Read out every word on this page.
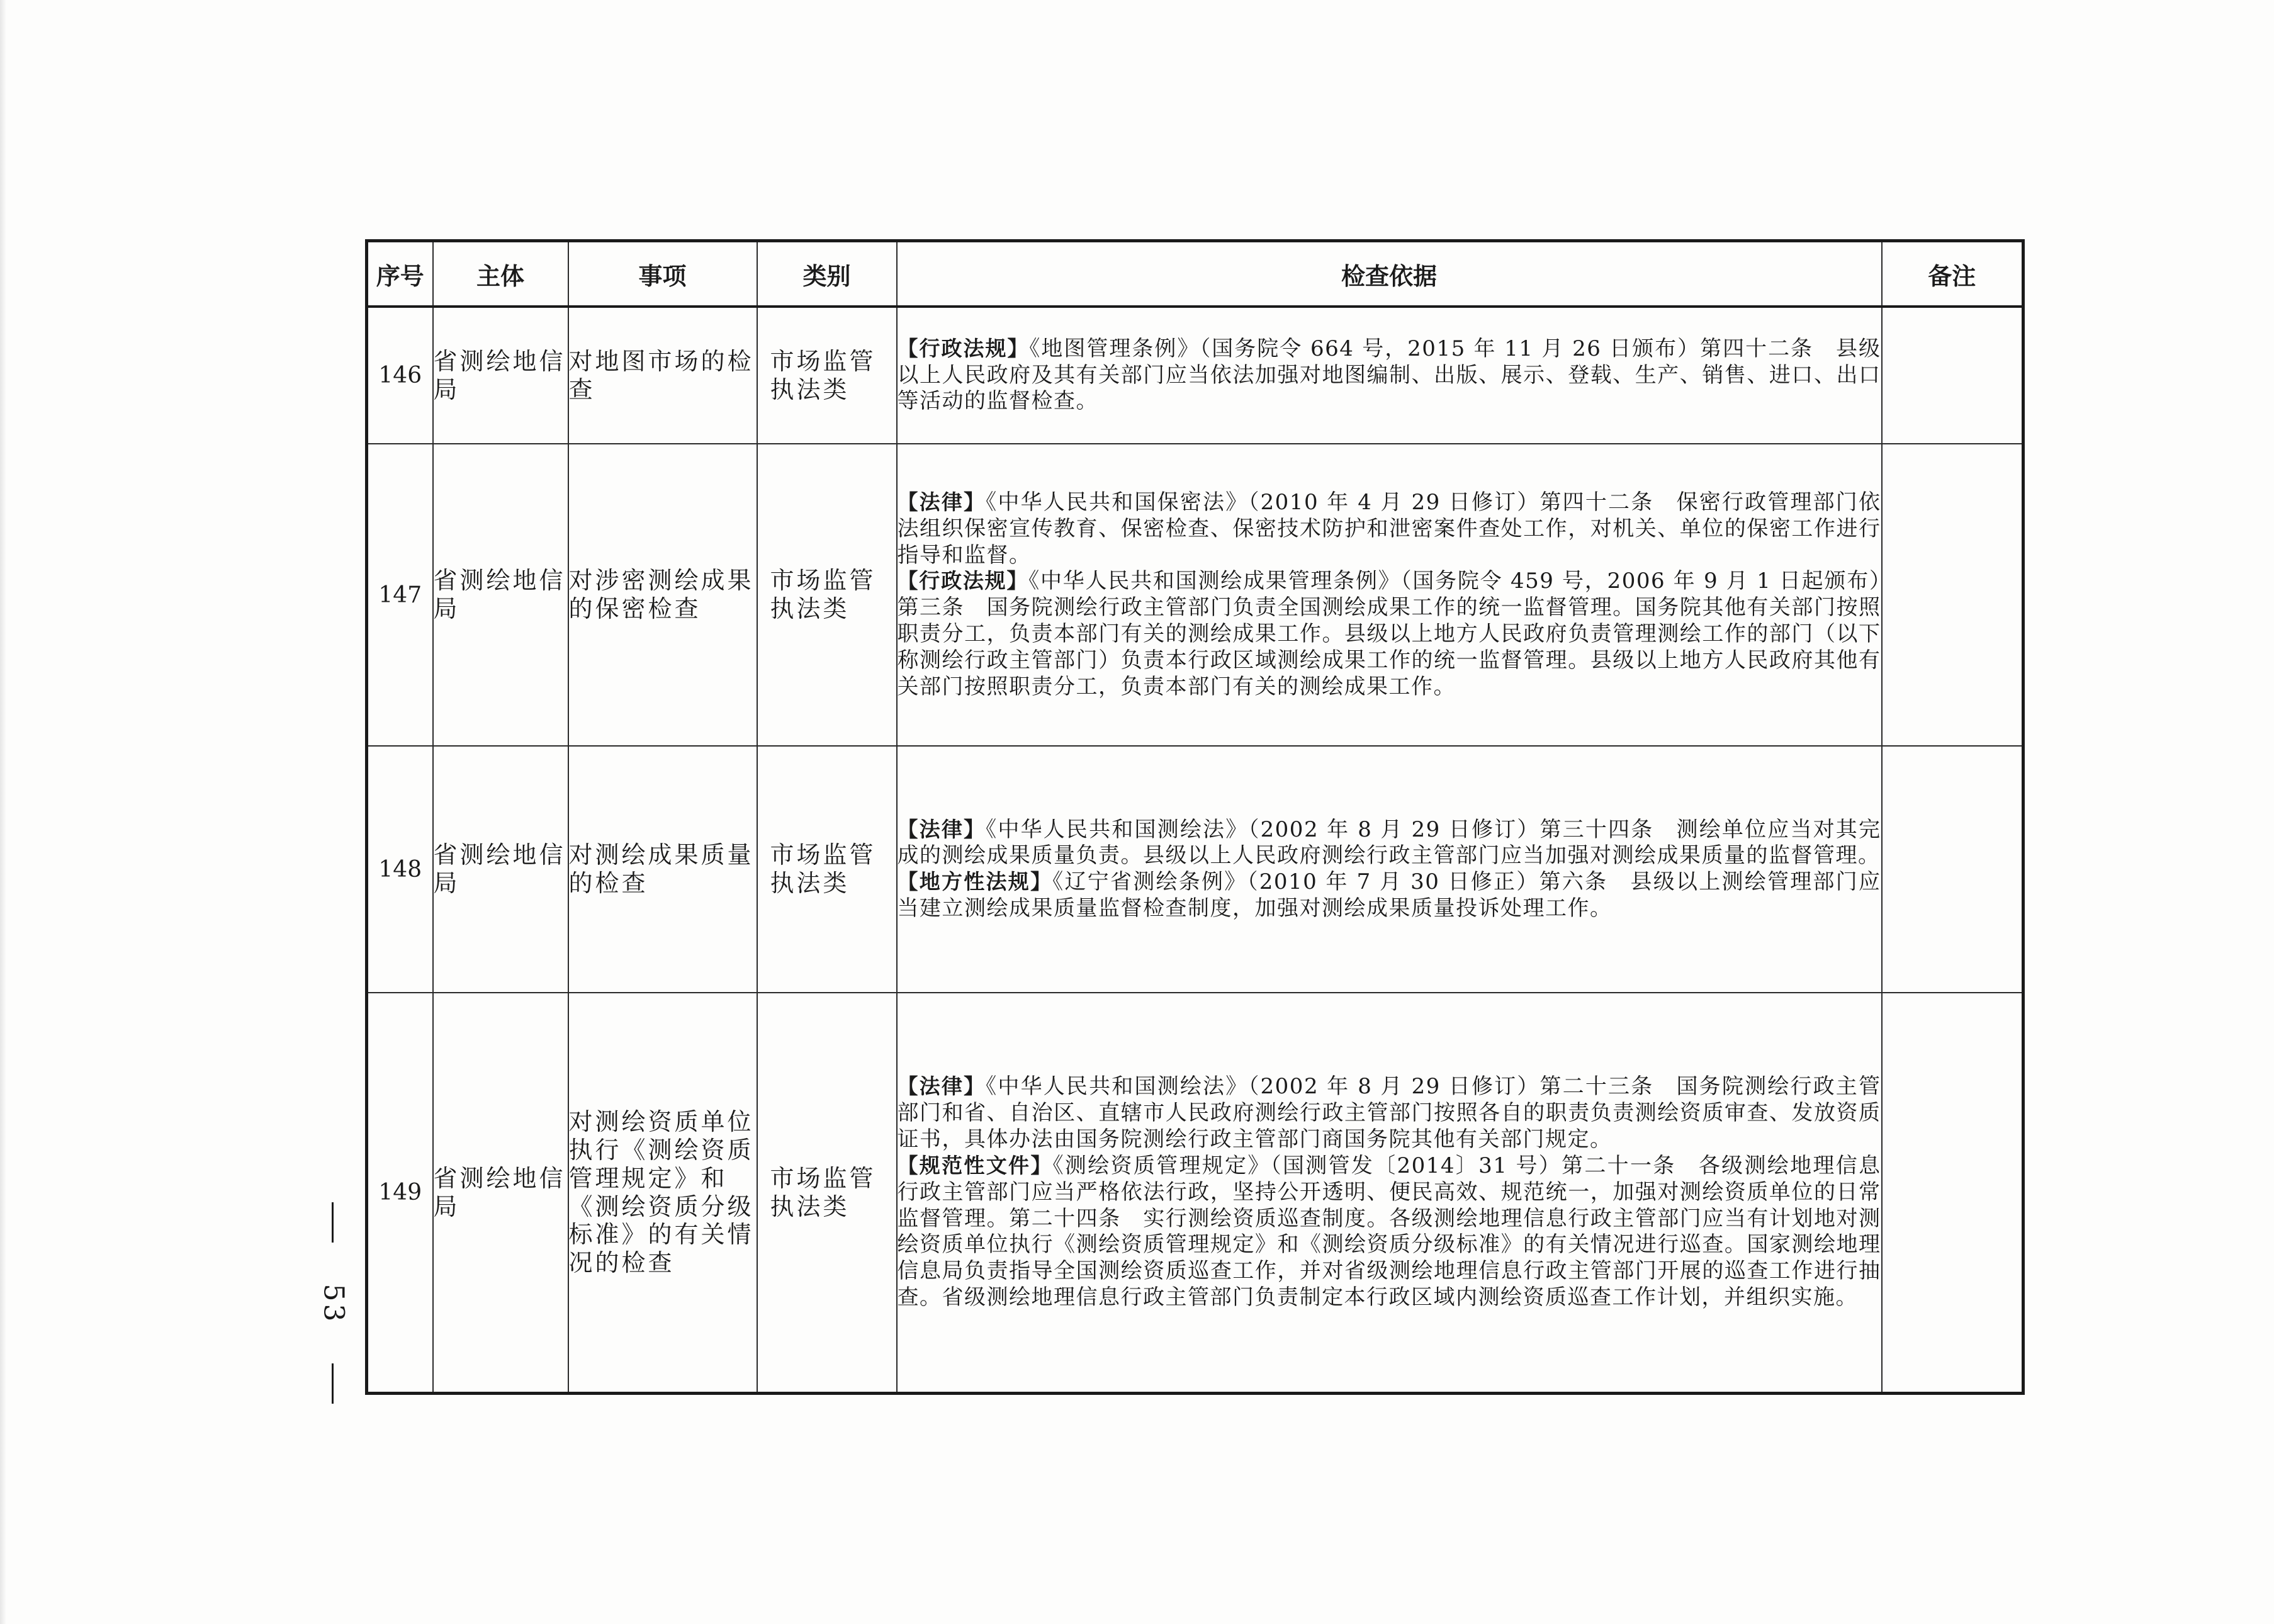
序号	主体	事项	类别	检查依据	备注
146	省测绘地信局	对地图市场的检查	市场监管执法类	【行政法规】《地图管理条例》（国务院令 664 号，2015 年 11 月 26 日颁布）第四十二条　县级以上人民政府及其有关部门应当依法加强对地图编制、出版、展示、登载、生产、销售、进口、出口等活动的监督检查。	

147	省测绘地信局	对涉密测绘成果的保密检查	市场监管执法类	【法律】《中华人民共和国保密法》（2010 年 4 月 29 日修订）第四十二条　保密行政管理部门依法组织保密宣传教育、保密检查、保密技术防护和泄密案件查处工作，对机关、单位的保密工作进行指导和监督。
【行政法规】《中华人民共和国测绘成果管理条例》（国务院令 459 号，2006 年 9 月 1 日起颁布）第三条　国务院测绘行政主管部门负责全国测绘成果工作的统一监督管理。国务院其他有关部门按照职责分工，负责本部门有关的测绘成果工作。县级以上地方人民政府负责管理测绘工作的部门（以下称测绘行政主管部门）负责本行政区域测绘成果工作的统一监督管理。县级以上地方人民政府其他有关部门按照职责分工，负责本部门有关的测绘成果工作。	

148	省测绘地信局	对测绘成果质量的检查	市场监管执法类	【法律】《中华人民共和国测绘法》（2002 年 8 月 29 日修订）第三十四条　测绘单位应当对其完成的测绘成果质量负责。县级以上人民政府测绘行政主管部门应当加强对测绘成果质量的监督管理。
【地方性法规】《辽宁省测绘条例》（2010 年 7 月 30 日修正）第六条　县级以上测绘管理部门应当建立测绘成果质量监督检查制度，加强对测绘成果质量投诉处理工作。	

149	省测绘地信局	对测绘资质单位执行《测绘资质管理规定》和《测绘资质分级标准》的有关情况的检查	市场监管执法类	【法律】《中华人民共和国测绘法》（2002 年 8 月 29 日修订）第二十三条　国务院测绘行政主管部门和省、自治区、直辖市人民政府测绘行政主管部门按照各自的职责负责测绘资质审查、发放资质证书，具体办法由国务院测绘行政主管部门商国务院其他有关部门规定。
【规范性文件】《测绘资质管理规定》（国测管发〔2014〕31 号）第二十一条　各级测绘地理信息行政主管部门应当严格依法行政，坚持公开透明、便民高效、规范统一，加强对测绘资质单位的日常监督管理。第二十四条　实行测绘资质巡查制度。各级测绘地理信息行政主管部门应当有计划地对测绘资质单位执行《测绘资质管理规定》和《测绘资质分级标准》的有关情况进行巡查。国家测绘地理信息局负责指导全国测绘资质巡查工作，并对省级测绘地理信息行政主管部门开展的巡查工作进行抽查。省级测绘地理信息行政主管部门负责制定本行政区域内测绘资质巡查工作计划，并组织实施。	

53
